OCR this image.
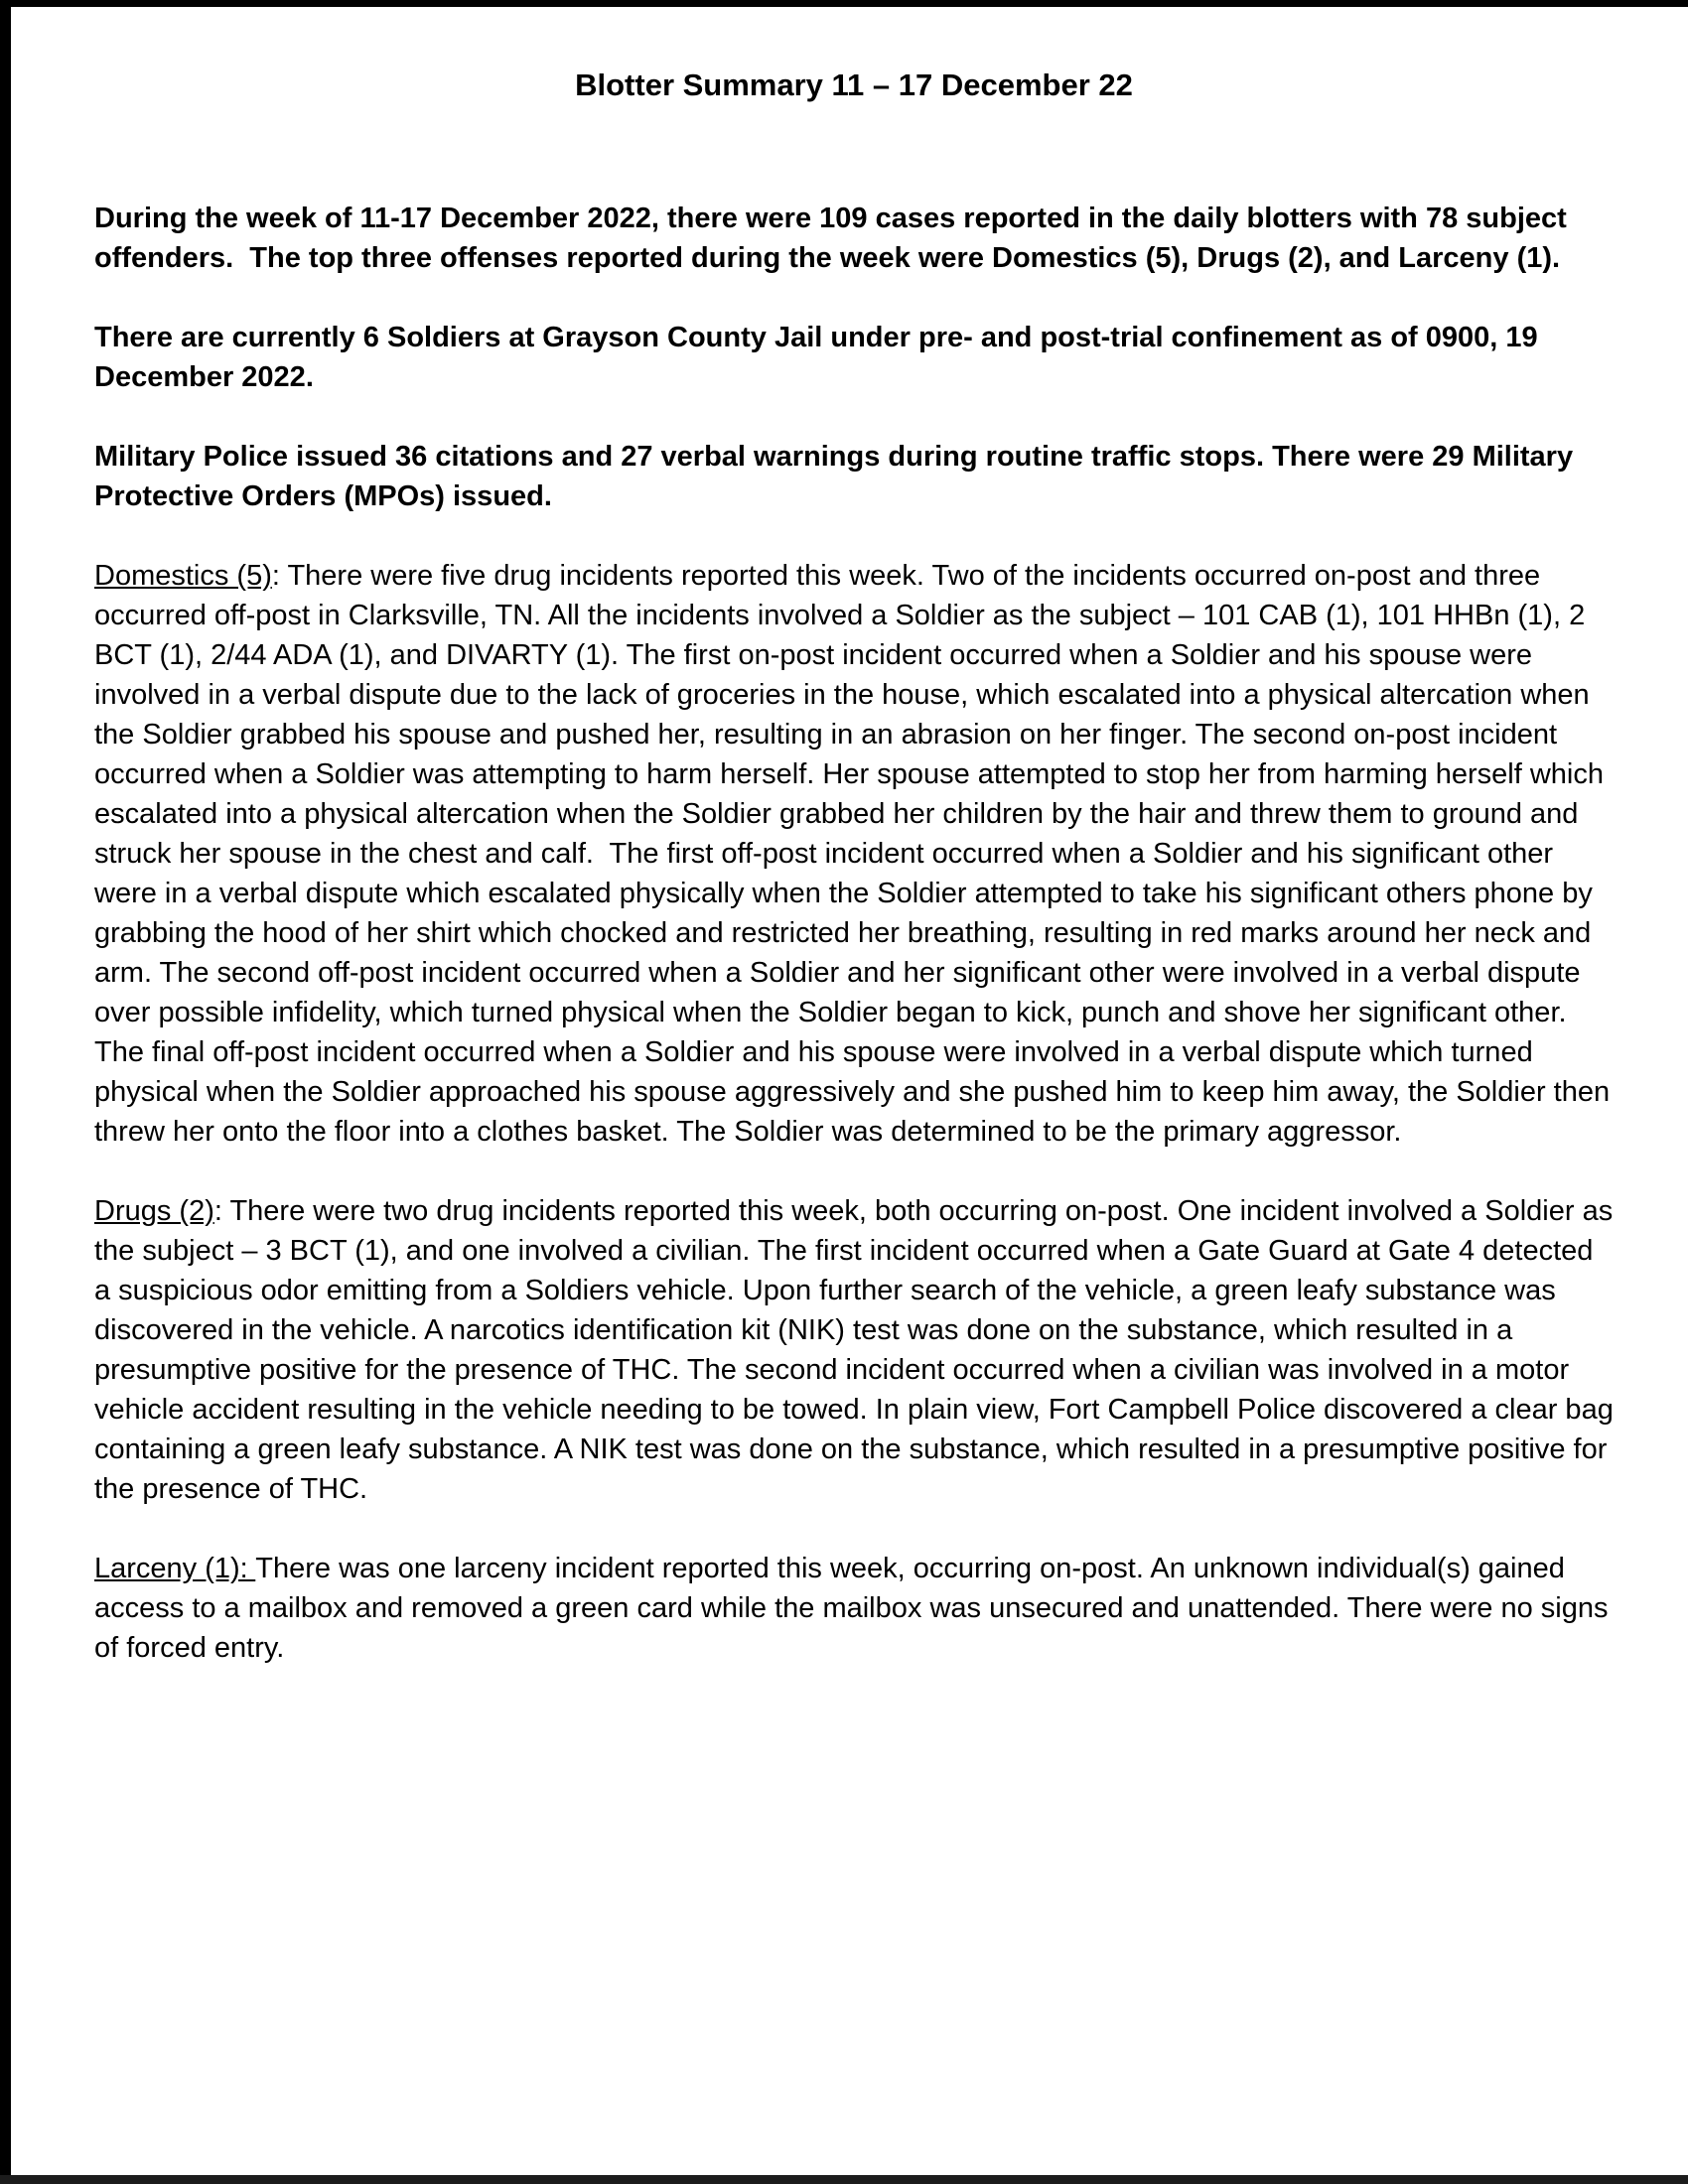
Blotter Summary 11 – 17 December 22

During the week of 11-17 December 2022, there were 109 cases reported in the daily blotters with 78 subject offenders.  The top three offenses reported during the week were Domestics (5), Drugs (2), and Larceny (1).

There are currently 6 Soldiers at Grayson County Jail under pre- and post-trial confinement as of 0900, 19 December 2022.

Military Police issued 36 citations and 27 verbal warnings during routine traffic stops. There were 29 Military Protective Orders (MPOs) issued.

Domestics (5): There were five drug incidents reported this week. Two of the incidents occurred on-post and three occurred off-post in Clarksville, TN. All the incidents involved a Soldier as the subject – 101 CAB (1), 101 HHBn (1), 2 BCT (1), 2/44 ADA (1), and DIVARTY (1). The first on-post incident occurred when a Soldier and his spouse were involved in a verbal dispute due to the lack of groceries in the house, which escalated into a physical altercation when the Soldier grabbed his spouse and pushed her, resulting in an abrasion on her finger. The second on-post incident occurred when a Soldier was attempting to harm herself. Her spouse attempted to stop her from harming herself which escalated into a physical altercation when the Soldier grabbed her children by the hair and threw them to ground and struck her spouse in the chest and calf.  The first off-post incident occurred when a Soldier and his significant other were in a verbal dispute which escalated physically when the Soldier attempted to take his significant others phone by grabbing the hood of her shirt which chocked and restricted her breathing, resulting in red marks around her neck and arm. The second off-post incident occurred when a Soldier and her significant other were involved in a verbal dispute over possible infidelity, which turned physical when the Soldier began to kick, punch and shove her significant other. The final off-post incident occurred when a Soldier and his spouse were involved in a verbal dispute which turned physical when the Soldier approached his spouse aggressively and she pushed him to keep him away, the Soldier then threw her onto the floor into a clothes basket. The Soldier was determined to be the primary aggressor.

Drugs (2): There were two drug incidents reported this week, both occurring on-post. One incident involved a Soldier as the subject – 3 BCT (1), and one involved a civilian. The first incident occurred when a Gate Guard at Gate 4 detected a suspicious odor emitting from a Soldiers vehicle. Upon further search of the vehicle, a green leafy substance was discovered in the vehicle. A narcotics identification kit (NIK) test was done on the substance, which resulted in a presumptive positive for the presence of THC. The second incident occurred when a civilian was involved in a motor vehicle accident resulting in the vehicle needing to be towed. In plain view, Fort Campbell Police discovered a clear bag containing a green leafy substance. A NIK test was done on the substance, which resulted in a presumptive positive for the presence of THC.

Larceny (1): There was one larceny incident reported this week, occurring on-post. An unknown individual(s) gained access to a mailbox and removed a green card while the mailbox was unsecured and unattended. There were no signs of forced entry.
